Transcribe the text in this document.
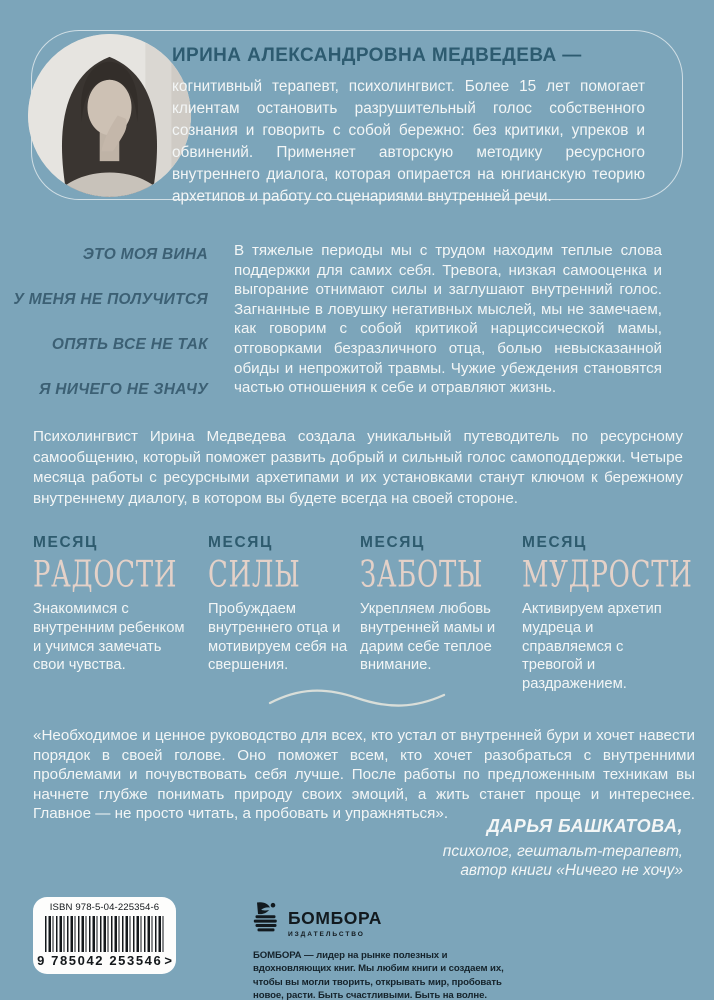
ИРИНА АЛЕКСАНДРОВНА МЕДВЕДЕВА —
когнитивный терапевт, психолингвист. Более 15 лет помогает клиентам остановить разрушительный голос собственного сознания и говорить с собой бережно: без критики, упреков и обвинений. Применяет авторскую методику ресурсного внутреннего диалога, которая опирается на юнгианскую теорию архетипов и работу со сценариями внутренней речи.
ЭТО МОЯ ВИНА
У МЕНЯ НЕ ПОЛУЧИТСЯ
ОПЯТЬ ВСЕ НЕ ТАК
Я НИЧЕГО НЕ ЗНАЧУ
В тяжелые периоды мы с трудом находим теплые слова поддержки для самих себя. Тревога, низкая самооценка и выгорание отнимают силы и заглушают внутренний голос. Загнанные в ловушку негативных мыслей, мы не замечаем, как говорим с собой критикой нарциссической мамы, отговорками безразличного отца, болью невысказанной обиды и непрожитой травмы. Чужие убеждения становятся частью отношения к себе и отравляют жизнь.
Психолингвист Ирина Медведева создала уникальный путеводитель по ресурсному самообщению, который поможет развить добрый и сильный голос самоподдержки. Четыре месяца работы с ресурсными архетипами и их установками станут ключом к бережному внутреннему диалогу, в котором вы будете всегда на своей стороне.
МЕСЯЦ
РАДОСТИ
Знакомимся с внутренним ребенком и учимся замечать свои чувства.
МЕСЯЦ
СИЛЫ
Пробуждаем внутреннего отца и мотивируем себя на свершения.
МЕСЯЦ
ЗАБОТЫ
Укрепляем любовь внутренней мамы и дарим себе теплое внимание.
МЕСЯЦ
МУДРОСТИ
Активируем архетип мудреца и справляемся с тревогой и раздражением.
«Необходимое и ценное руководство для всех, кто устал от внутренней бури и хочет навести порядок в своей голове. Оно поможет всем, кто хочет разобраться с внутренними проблемами и почувствовать себя лучше. После работы по предложенным техникам вы начнете глубже понимать природу своих эмоций, а жить станет проще и интереснее. Главное — не просто читать, а пробовать и упражняться».
ДАРЬЯ БАШКАТОВА,
психолог, гештальт-терапевт,
автор книги «Ничего не хочу»
ISBN 978-5-04-225354-6
9 785042 253546 >
БОМБОРА
ИЗДАТЕЛЬСТВО
БОМБОРА — лидер на рынке полезных и вдохновляющих книг. Мы любим книги и создаем их, чтобы вы могли творить, открывать мир, пробовать новое, расти. Быть счастливыми. Быть на волне.
